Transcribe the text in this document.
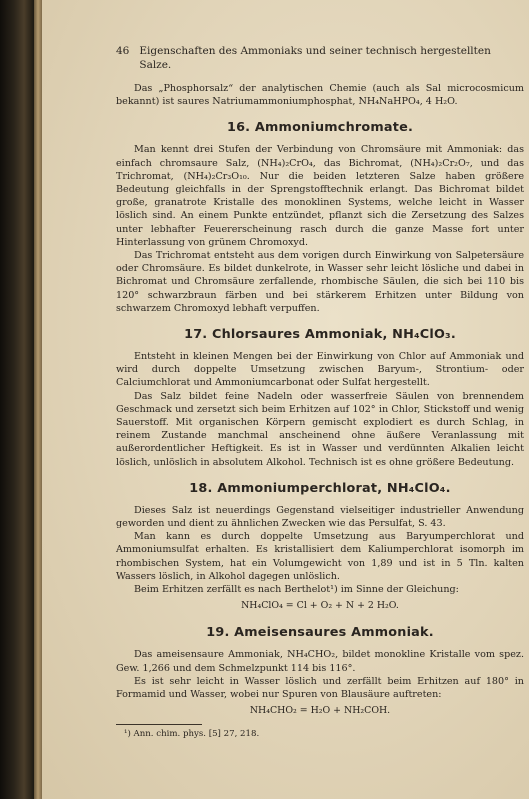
46 Eigenschaften des Ammoniaks und seiner technisch hergestellten Salze.

Das „Phosphorsalz“ der analytischen Chemie (auch als Sal microcosmicum bekannt) ist saures Natriumammoniumphosphat, NH₄NaHPO₄, 4 H₂O.

16. Ammoniumchromate.

Man kennt drei Stufen der Verbindung von Chromsäure mit Ammoniak: das einfach chromsaure Salz, (NH₄)₂CrO₄, das Bichromat, (NH₄)₂Cr₂O₇, und das Trichromat, (NH₄)₂Cr₃O₁₀. Nur die beiden letzteren Salze haben größere Bedeutung gleichfalls in der Sprengstofftechnik erlangt. Das Bichromat bildet große, granatrote Kristalle des monoklinen Systems, welche leicht in Wasser löslich sind. An einem Punkte entzündet, pflanzt sich die Zersetzung des Salzes unter lebhafter Feuererscheinung rasch durch die ganze Masse fort unter Hinterlassung von grünem Chromoxyd.

Das Trichromat entsteht aus dem vorigen durch Einwirkung von Salpetersäure oder Chromsäure. Es bildet dunkelrote, in Wasser sehr leicht lösliche und dabei in Bichromat und Chromsäure zerfallende, rhombische Säulen, die sich bei 110 bis 120° schwarzbraun färben und bei stärkerem Erhitzen unter Bildung von schwarzem Chromoxyd lebhaft verpuffen.

17. Chlorsaures Ammoniak, NH₄ClO₃.

Entsteht in kleinen Mengen bei der Einwirkung von Chlor auf Ammoniak und wird durch doppelte Umsetzung zwischen Baryum-, Strontium- oder Calciumchlorat und Ammoniumcarbonat oder Sulfat hergestellt.

Das Salz bildet feine Nadeln oder wasserfreie Säulen von brennendem Geschmack und zersetzt sich beim Erhitzen auf 102° in Chlor, Stickstoff und wenig Sauerstoff. Mit organischen Körpern gemischt explodiert es durch Schlag, in reinem Zustande manchmal anscheinend ohne äußere Veranlassung mit außerordentlicher Heftigkeit. Es ist in Wasser und verdünnten Alkalien leicht löslich, unlöslich in absolutem Alkohol. Technisch ist es ohne größere Bedeutung.

18. Ammoniumperchlorat, NH₄ClO₄.

Dieses Salz ist neuerdings Gegenstand vielseitiger industrieller Anwendung geworden und dient zu ähnlichen Zwecken wie das Persulfat, S. 43.

Man kann es durch doppelte Umsetzung aus Baryumperchlorat und Ammoniumsulfat erhalten. Es kristallisiert dem Kaliumperchlorat isomorph im rhombischen System, hat ein Volumgewicht von 1,89 und ist in 5 Tln. kalten Wassers löslich, in Alkohol dagegen unlöslich.

Beim Erhitzen zerfällt es nach Berthelot¹) im Sinne der Gleichung:

NH₄ClO₄ = Cl + O₂ + N + 2 H₂O.
19. Ameisensaures Ammoniak.

Das ameisensaure Ammoniak, NH₄CHO₂, bildet monokline Kristalle vom spez. Gew. 1,266 und dem Schmelzpunkt 114 bis 116°.

Es ist sehr leicht in Wasser löslich und zerfällt beim Erhitzen auf 180° in Formamid und Wasser, wobei nur Spuren von Blausäure auftreten:

NH₄CHO₂ = H₂O + NH₂COH.
¹) Ann. chim. phys. [5] 27, 218.
